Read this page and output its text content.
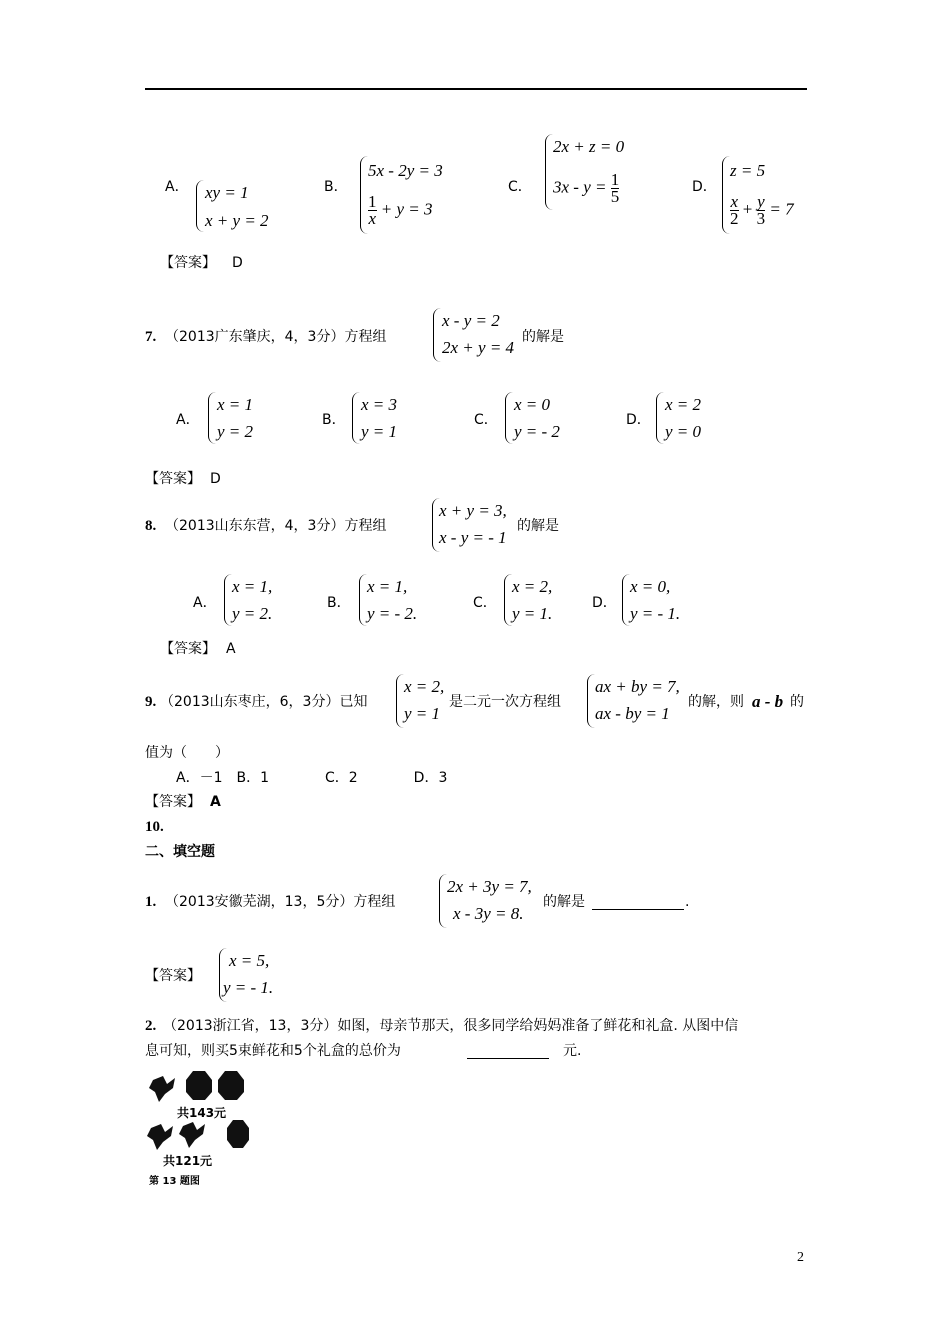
A． xy = 1
x + y = 2
B．
5x - 2y = 3
$\frac{1}{x} + y = 3$
C．
2x + z = 0
$3x - y = \frac{1}{5}$	D．
z = 5
$\frac{x}{2} + \frac{y}{3} = 7$
【答案】 D
7. （2013广东肇庆，4，3分）方程组
x - y = 2
2x + y = 4
的解是
A．
x = 1
y = 2
B．
x = 3
y = 1
C．
x = 0
y = - 2
D．
x = 2
y = 0
【答案】 D
8. （2013山东东营，4，3分）方程组
x + y = 3,
x - y = - 1
的解是
A．
x = 1,
y = 2.
B．
x = 1,
y = - 2.
C．
x = 2,
y = 1.
D．
x = 0,
y = - 1.
【答案】 A
9. （2013山东枣庄，6，3分）已知
x = 2,
y = 1
是二元一次方程组
ax + by = 7,
ax - by = 1
的解，则 a - b 的
值为（　　）
A．－1　B．1　　　　C．2　　　　D．3
【答案】 A
10.
二、填空题
1. （2013安徽芜湖，13，5分）方程组
2x + 3y = 7,
x - 3y = 8.
的解是	.
【答案】
x = 5,
y = - 1.
2. （2013浙江省，13，3分）如图，母亲节那天，很多同学给妈妈准备了鲜花和礼盒. 从图中信
息可知，则买5束鲜花和5个礼盒的总价为	元.
共143元
共121元
第 13 题图
2
